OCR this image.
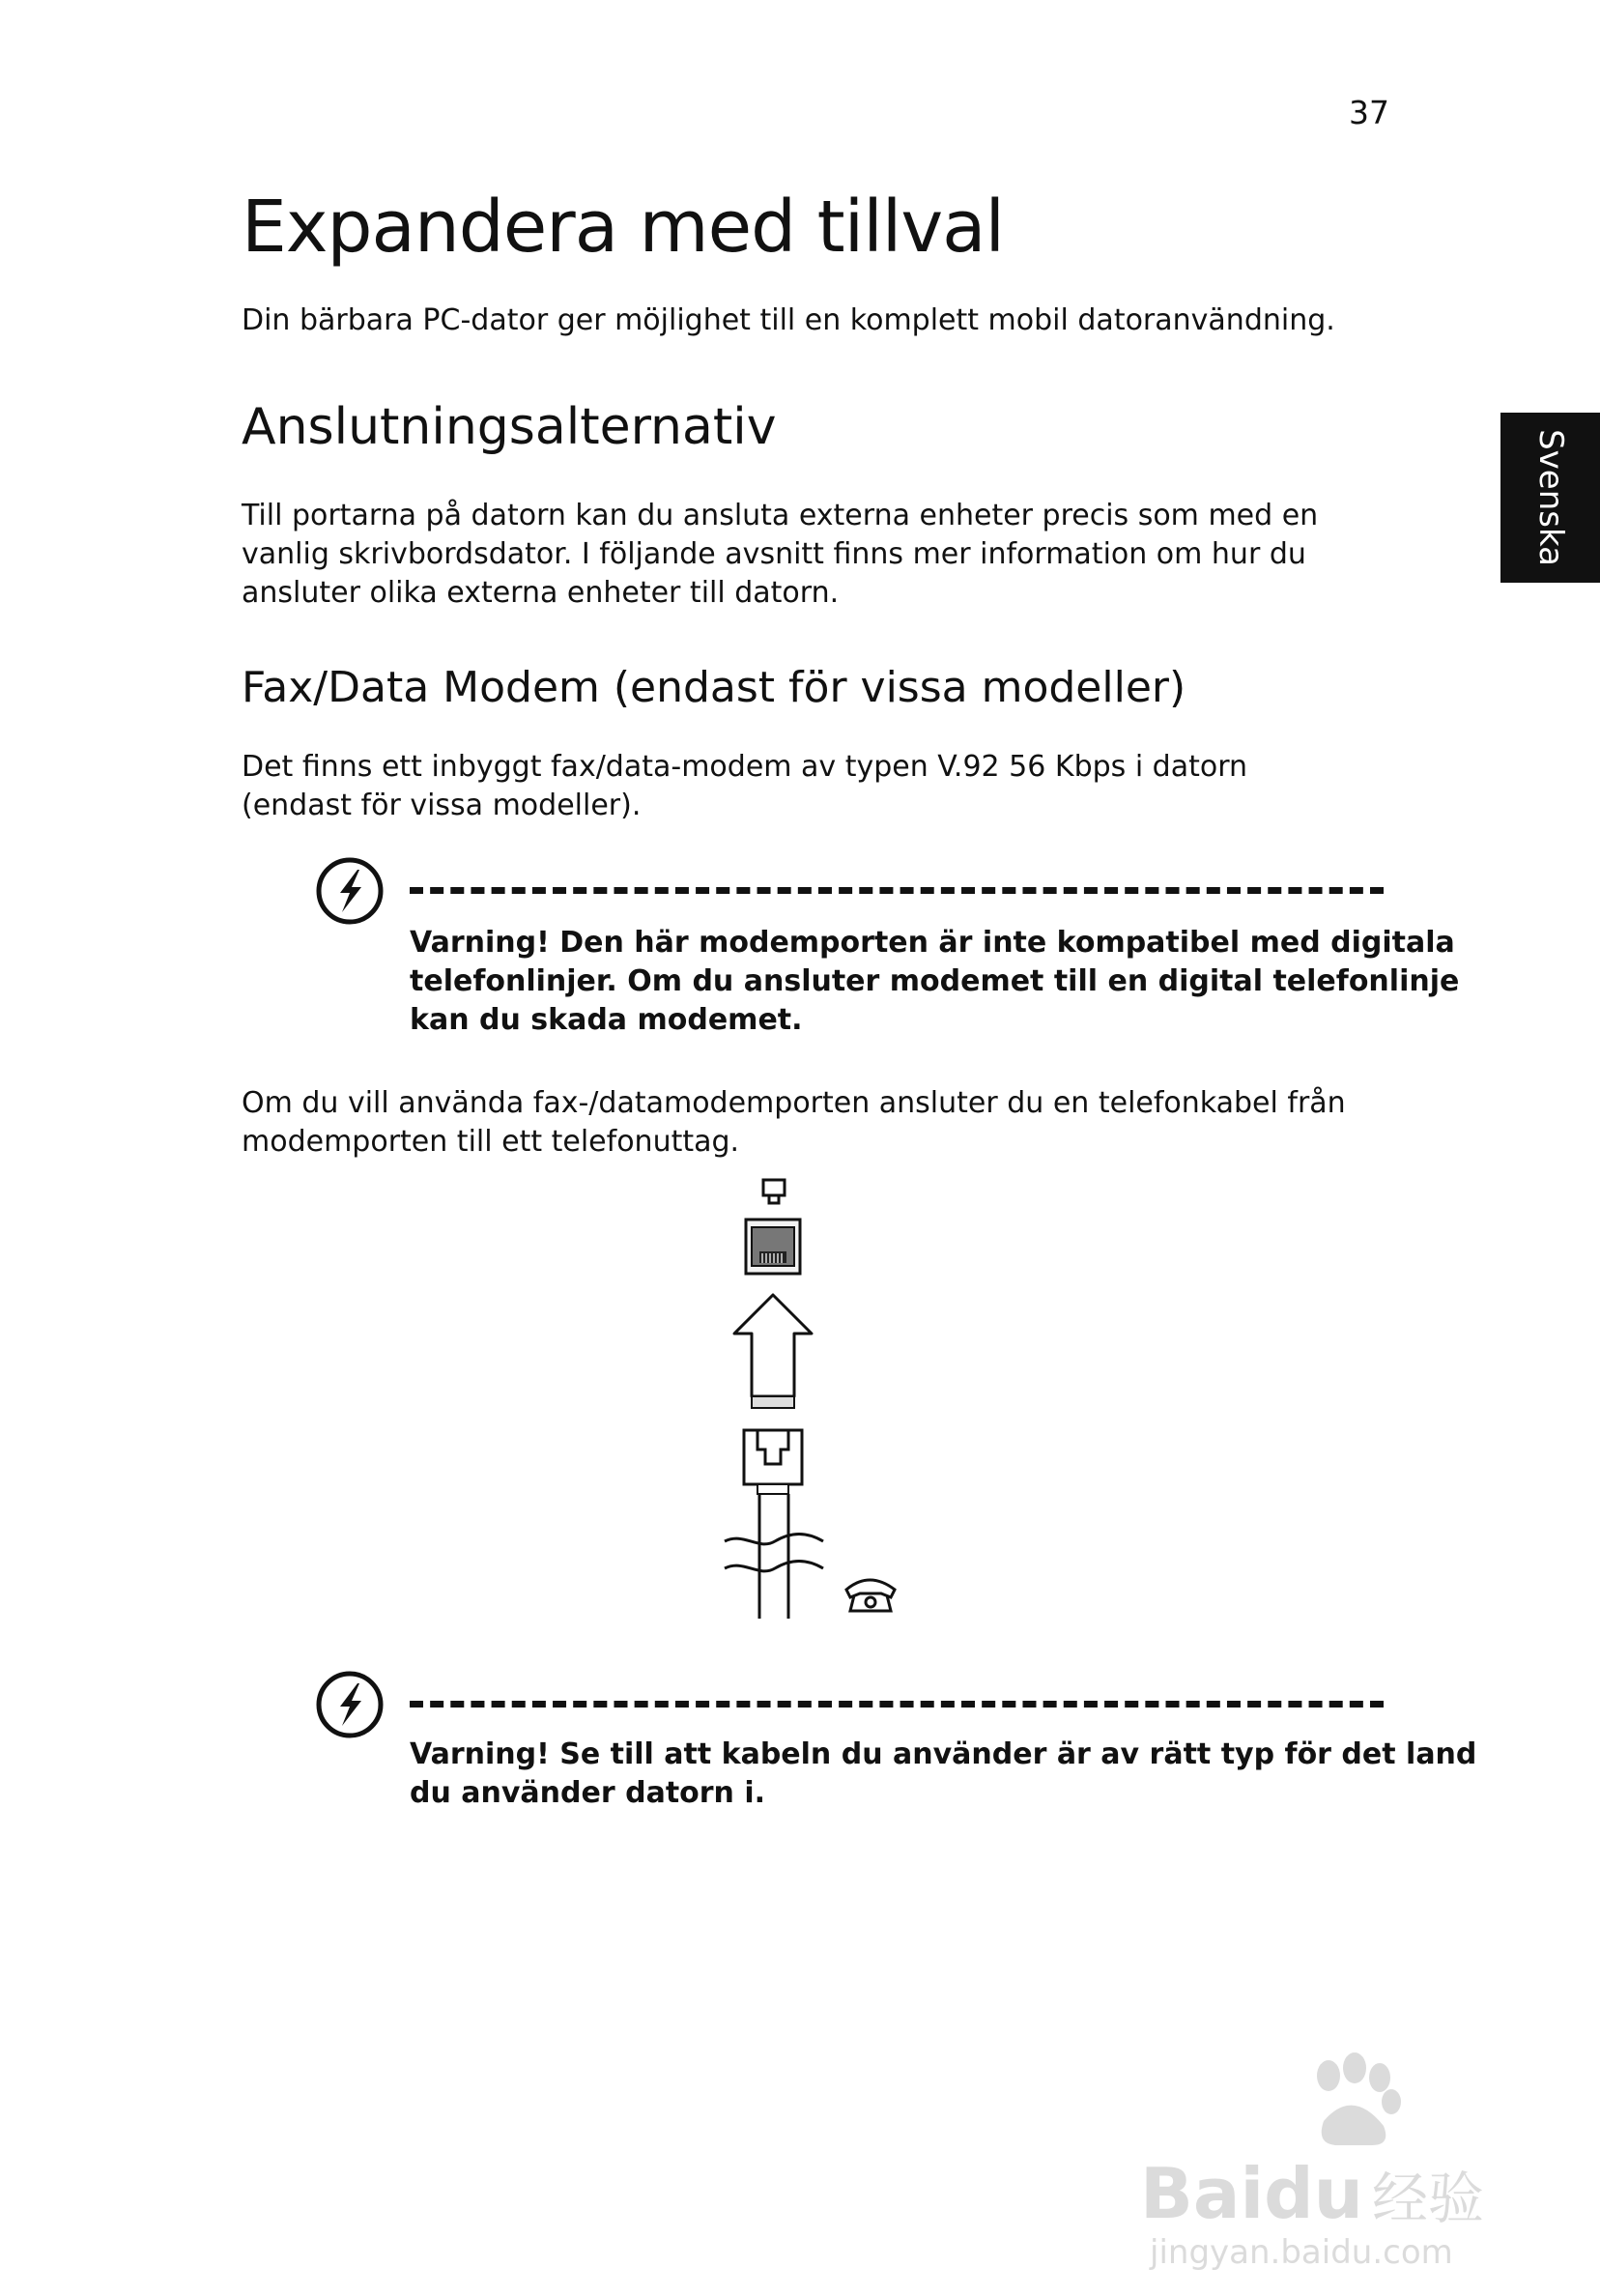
37
Svenska
Expandera med tillval

Din bärbara PC-dator ger möjlighet till en komplett mobil datoranvändning.

Anslutningsalternativ

Till portarna på datorn kan du ansluta externa enheter precis som med en

vanlig skrivbordsdator. I följande avsnitt finns mer information om hur du

ansluter olika externa enheter till datorn.

Fax/Data Modem (endast för vissa modeller)

Det finns ett inbyggt fax/data-modem av typen V.92 56 Kbps i datorn

(endast för vissa modeller).

Varning! Den här modemporten är inte kompatibel med digitala

telefonlinjer. Om du ansluter modemet till en digital telefonlinje

kan du skada modemet.

Om du vill använda fax-/datamodemporten ansluter du en telefonkabel från

modemporten till ett telefonuttag.

Varning! Se till att kabeln du använder är av rätt typ för det land

du använder datorn i.

Baidu 经验
jingyan.baidu.com
